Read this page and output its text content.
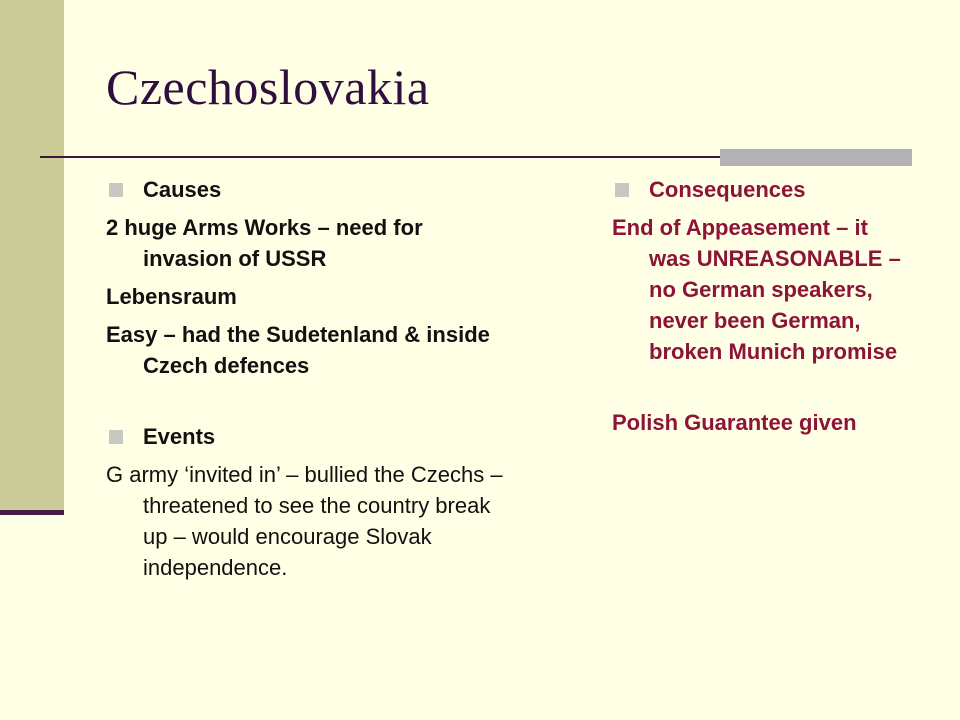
Czechoslovakia
Causes
2 huge Arms Works – need for invasion of USSR
Lebensraum
Easy – had the Sudetenland & inside Czech defences
Events
G army ‘invited in’ – bullied the Czechs – threatened to see the country break up – would encourage Slovak independence.
Consequences
End of Appeasement – it was UNREASONABLE – no German speakers, never been German, broken Munich promise
Polish Guarantee given
